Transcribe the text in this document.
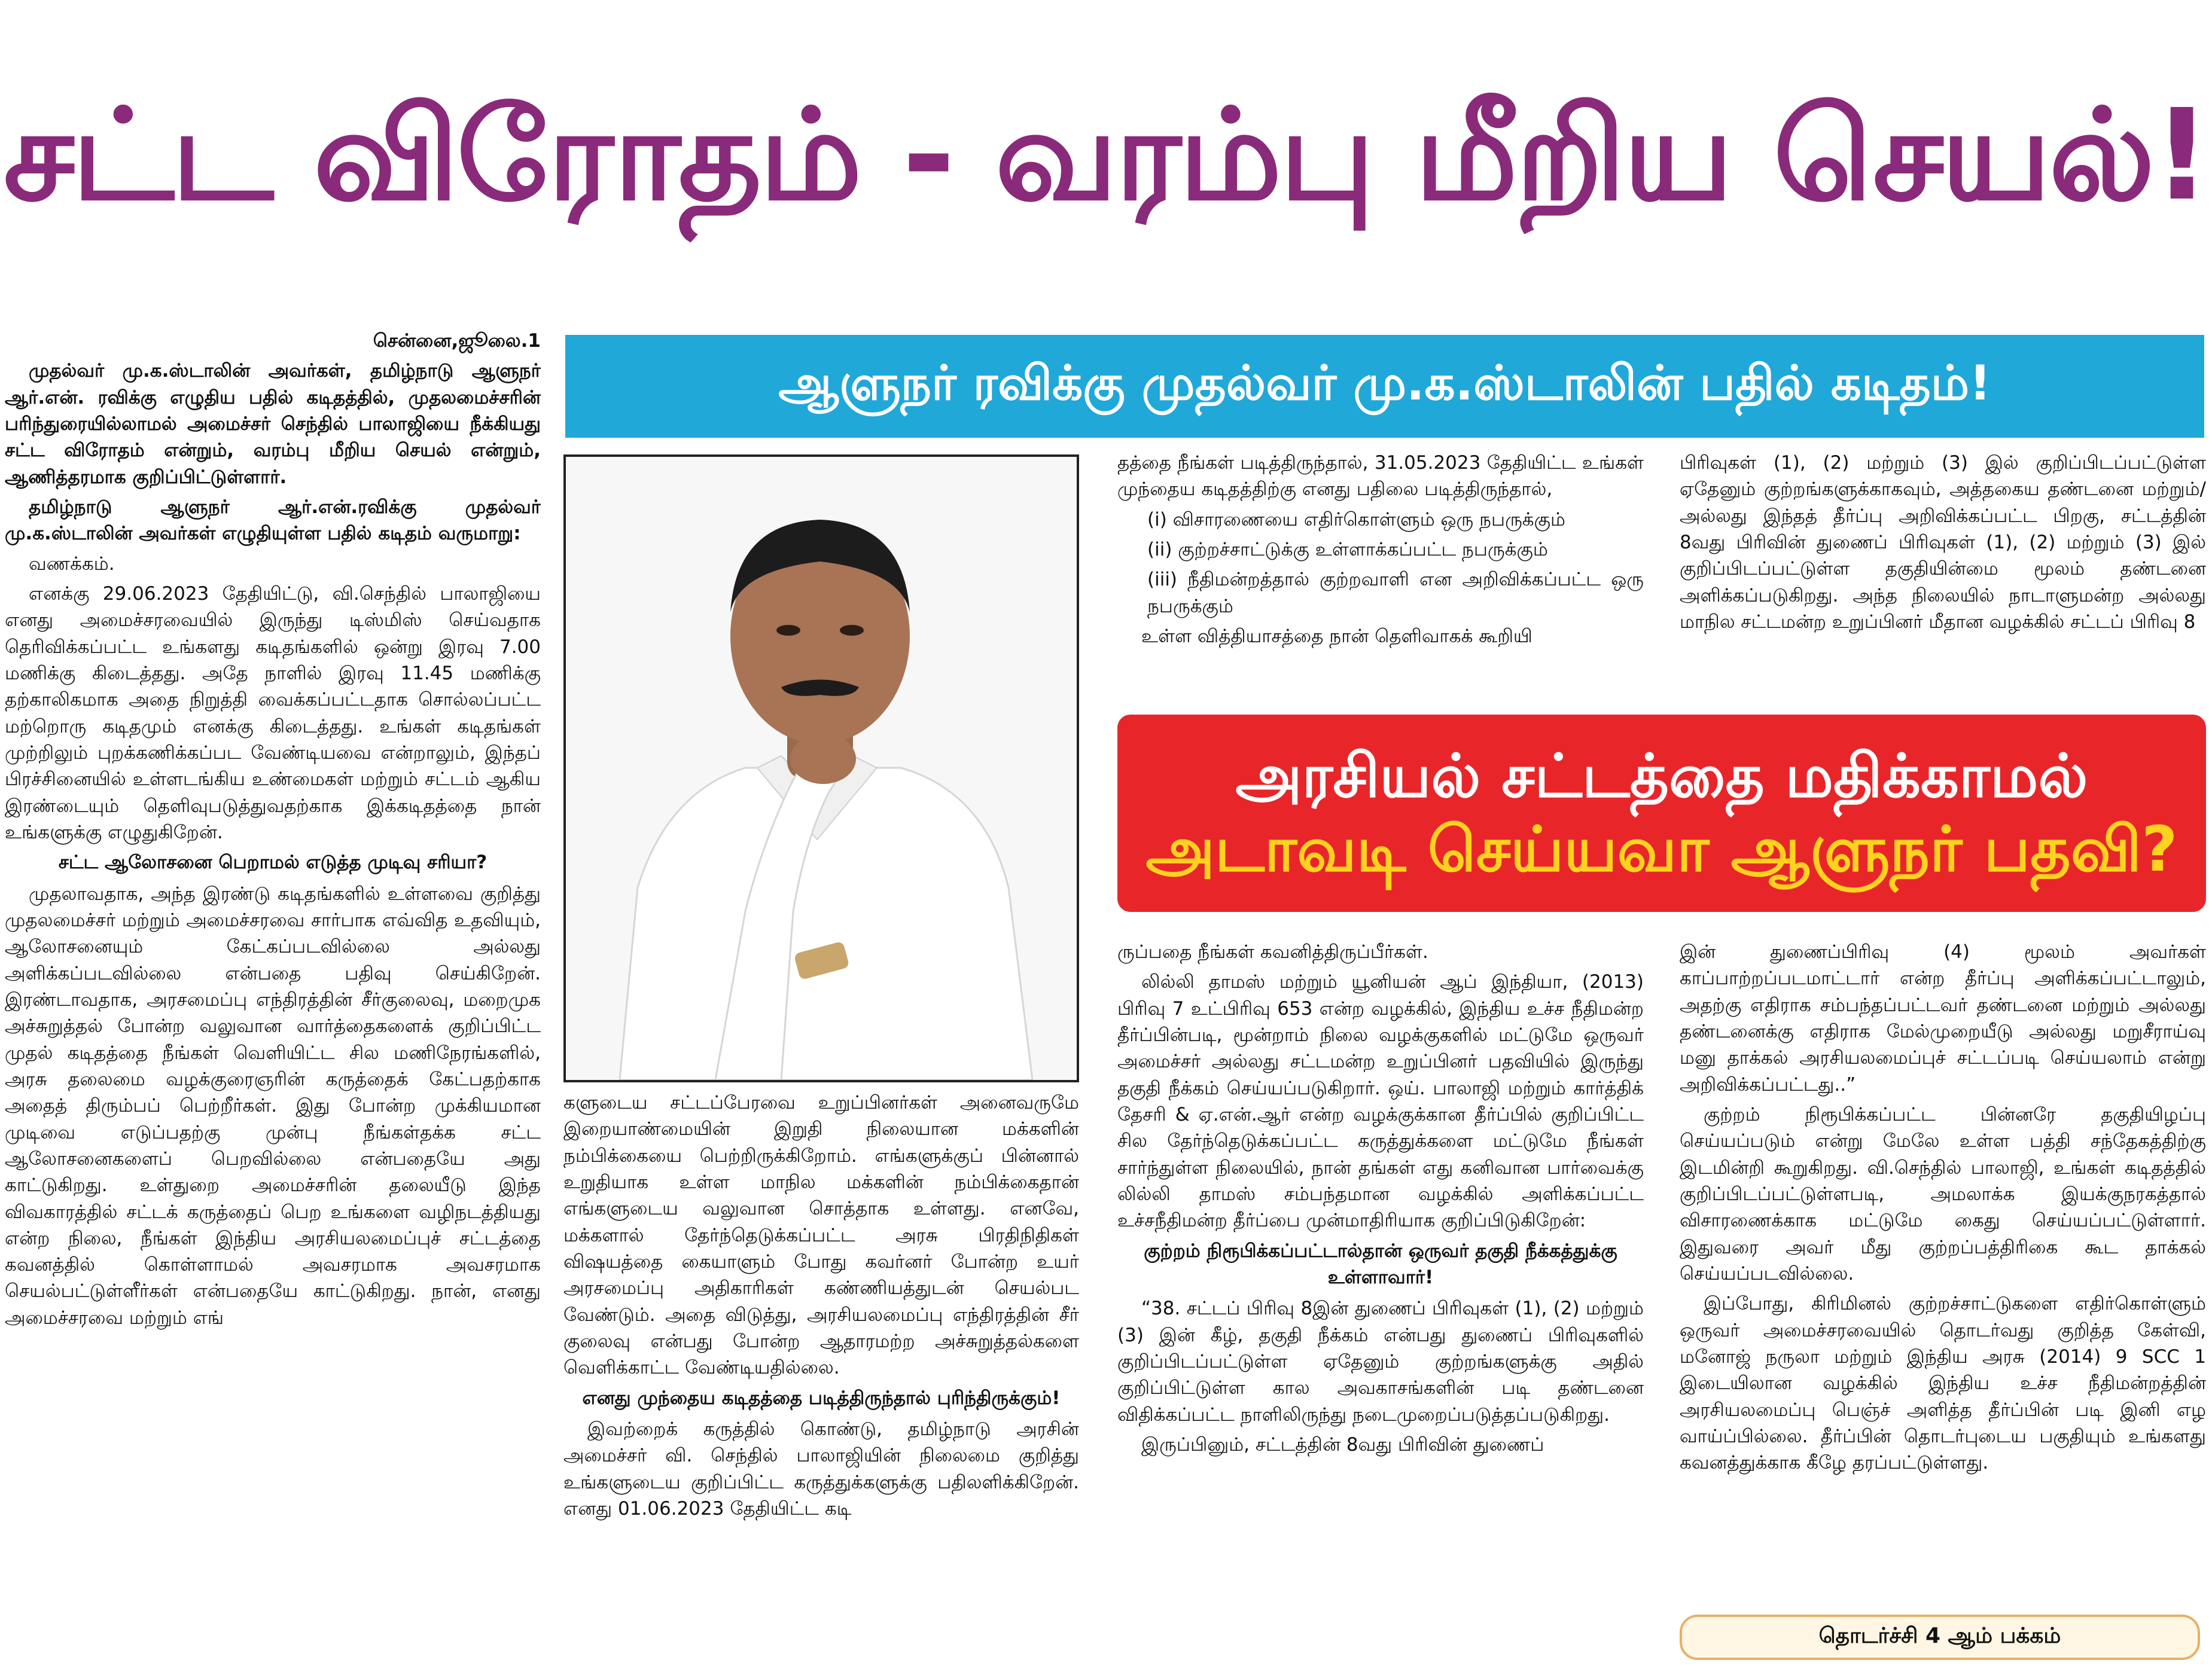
சட்ட விரோதம் - வரம்பு மீறிய செயல்!

சென்னை,ஜூலை.1

முதல்வர் மு.க.ஸ்டாலின் அவர்கள், தமிழ்நாடு ஆளுநர் ஆர்.என். ரவிக்கு எழுதிய பதில் கடிதத்தில், முதலமைச்சரின் பரிந்துரையில்லாமல் அமைச்சர் செந்தில் பாலாஜியை நீக்கியது சட்ட விரோதம் என்றும், வரம்பு மீறிய செயல் என்றும், ஆணித்தரமாக குறிப்பிட்டுள்ளார்.

தமிழ்நாடு ஆளுநர் ஆர்.என்.ரவிக்கு முதல்வர் மு.க.ஸ்டாலின் அவர்கள் எழுதியுள்ள பதில் கடிதம் வருமாறு:

வணக்கம்.

எனக்கு 29.06.2023 தேதியிட்டு, வி.செந்தில் பாலாஜியை எனது அமைச்சரவையில் இருந்து டிஸ்மிஸ் செய்வதாக தெரிவிக்கப்பட்ட உங்களது கடிதங்களில் ஒன்று இரவு 7.00 மணிக்கு கிடைத்தது. அதே நாளில் இரவு 11.45 மணிக்கு தற்காலிகமாக அதை நிறுத்தி வைக்கப்பட்டதாக சொல்லப்பட்ட மற்றொரு கடிதமும் எனக்கு கிடைத்தது. உங்கள் கடிதங்கள் முற்றிலும் புறக்கணிக்கப்பட வேண்டியவை என்றாலும், இந்தப் பிரச்சினையில் உள்ளடங்கிய உண்மைகள் மற்றும் சட்டம் ஆகிய இரண்டையும் தெளிவுபடுத்துவதற்காக இக்கடிதத்தை நான் உங்களுக்கு எழுதுகிறேன்.

சட்ட ஆலோசனை பெறாமல் எடுத்த முடிவு சரியா?

முதலாவதாக, அந்த இரண்டு கடிதங்களில் உள்ளவை குறித்து முதலமைச்சர் மற்றும் அமைச்சரவை சார்பாக எவ்வித உதவியும், ஆலோசனையும் கேட்கப்படவில்லை அல்லது அளிக்கப்படவில்லை என்பதை பதிவு செய்கிறேன். இரண்டாவதாக, அரசமைப்பு எந்திரத்தின் சீர்குலைவு, மறைமுக அச்சுறுத்தல் போன்ற வலுவான வார்த்தைகளைக் குறிப்பிட்ட முதல் கடிதத்தை நீங்கள் வெளியிட்ட சில மணிநேரங்களில், அரசு தலைமை வழக்குரைஞரின் கருத்தைக் கேட்பதற்காக அதைத் திரும்பப் பெற்றீர்கள். இது போன்ற முக்கியமான முடிவை எடுப்பதற்கு முன்பு நீங்கள்தக்க சட்ட ஆலோசனைகளைப் பெறவில்லை என்பதையே அது காட்டுகிறது. உள்துறை அமைச்சரின் தலையீடு இந்த விவகாரத்தில் சட்டக் கருத்தைப் பெற உங்களை வழிநடத்தியது என்ற நிலை, நீங்கள் இந்திய அரசியலமைப்புச் சட்டத்தை கவனத்தில் கொள்ளாமல் அவசரமாக அவசரமாக செயல்பட்டுள்ளீர்கள் என்பதையே காட்டுகிறது. நான், எனது அமைச்சரவை மற்றும் எங்

ஆளுநர் ரவிக்கு முதல்வர் மு.க.ஸ்டாலின் பதில் கடிதம்!

களுடைய சட்டப்பேரவை உறுப்பினர்கள் அனைவருமே இறையாண்மையின் இறுதி நிலையான மக்களின் நம்பிக்கையை பெற்றிருக்கிறோம். எங்களுக்குப் பின்னால் உறுதியாக உள்ள மாநில மக்களின் நம்பிக்கைதான் எங்களுடைய வலுவான சொத்தாக உள்ளது. எனவே, மக்களால் தேர்ந்தெடுக்கப்பட்ட அரசு பிரதிநிதிகள் விஷயத்தை கையாளும் போது கவர்னர் போன்ற உயர் அரசமைப்பு அதிகாரிகள் கண்ணியத்துடன் செயல்பட வேண்டும். அதை விடுத்து, அரசியலமைப்பு எந்திரத்தின் சீர் குலைவு என்பது போன்ற ஆதாரமற்ற அச்சுறுத்தல்களை வெளிக்காட்ட வேண்டியதில்லை.

எனது முந்தைய கடிதத்தை படித்திருந்தால் புரிந்திருக்கும்!

இவற்றைக் கருத்தில் கொண்டு, தமிழ்நாடு அரசின் அமைச்சர் வி. செந்தில் பாலாஜியின் நிலைமை குறித்து உங்களுடைய குறிப்பிட்ட கருத்துக்களுக்கு பதிலளிக்கிறேன். எனது 01.06.2023 தேதியிட்ட கடி

தத்தை நீங்கள் படித்திருந்தால், 31.05.2023 தேதியிட்ட உங்கள் முந்தைய கடிதத்திற்கு எனது பதிலை படித்திருந்தால்,

(i) விசாரணையை எதிர்கொள்ளும் ஒரு நபருக்கும்

(ii) குற்றச்சாட்டுக்கு உள்ளாக்கப்பட்ட நபருக்கும்

(iii) நீதிமன்றத்தால் குற்றவாளி என அறிவிக்கப்பட்ட ஒரு நபருக்கும்

உள்ள வித்தியாசத்தை நான் தெளிவாகக் கூறியி

பிரிவுகள் (1), (2) மற்றும் (3) இல் குறிப்பிடப்பட்டுள்ள ஏதேனும் குற்றங்களுக்காகவும், அத்தகைய தண்டனை மற்றும்/அல்லது இந்தத் தீர்ப்பு அறிவிக்கப்பட்ட பிறகு, சட்டத்தின் 8வது பிரிவின் துணைப் பிரிவுகள் (1), (2) மற்றும் (3) இல் குறிப்பிடப்பட்டுள்ள தகுதியின்மை மூலம் தண்டனை அளிக்கப்படுகிறது. அந்த நிலையில் நாடாளுமன்ற அல்லது மாநில சட்டமன்ற உறுப்பினர் மீதான வழக்கில் சட்டப் பிரிவு 8

அரசியல் சட்டத்தை மதிக்காமல்
அடாவடி செய்யவா ஆளுநர் பதவி?

ருப்பதை நீங்கள் கவனித்திருப்பீர்கள்.

லில்லி தாமஸ் மற்றும் யூனியன் ஆப் இந்தியா, (2013) பிரிவு 7 உட்பிரிவு 653 என்ற வழக்கில், இந்திய உச்ச நீதிமன்ற தீர்ப்பின்படி, மூன்றாம் நிலை வழக்குகளில் மட்டுமே ஒருவர் அமைச்சர் அல்லது சட்டமன்ற உறுப்பினர் பதவியில் இருந்து தகுதி நீக்கம் செய்யப்படுகிறார். ஒய். பாலாஜி மற்றும் கார்த்திக் தேசரி & ஏ.என்.ஆர் என்ற வழக்குக்கான தீர்ப்பில் குறிப்பிட்ட சில தேர்ந்தெடுக்கப்பட்ட கருத்துக்களை மட்டுமே நீங்கள் சார்ந்துள்ள நிலையில், நான் தங்கள் எது கனிவான பார்வைக்கு லில்லி தாமஸ் சம்பந்தமான வழக்கில் அளிக்கப்பட்ட உச்சநீதிமன்ற தீர்ப்பை முன்மாதிரியாக குறிப்பிடுகிறேன்:

குற்றம் நிரூபிக்கப்பட்டால்தான் ஒருவர் தகுதி நீக்கத்துக்கு உள்ளாவார்!

“38. சட்டப் பிரிவு 8இன் துணைப் பிரிவுகள் (1), (2) மற்றும் (3) இன் கீழ், தகுதி நீக்கம் என்பது துணைப் பிரிவுகளில் குறிப்பிடப்பட்டுள்ள ஏதேனும் குற்றங்களுக்கு அதில் குறிப்பிட்டுள்ள கால அவகாசங்களின் படி தண்டனை விதிக்கப்பட்ட நாளிலிருந்து நடைமுறைப்படுத்தப்படுகிறது.

இருப்பினும், சட்டத்தின் 8வது பிரிவின் துணைப்

இன் துணைப்பிரிவு (4) மூலம் அவர்கள் காப்பாற்றப்படமாட்டார் என்ற தீர்ப்பு அளிக்கப்பட்டாலும், அதற்கு எதிராக சம்பந்தப்பட்டவர் தண்டனை மற்றும் அல்லது தண்டனைக்கு எதிராக மேல்முறையீடு அல்லது மறுசீராய்வு மனு தாக்கல் அரசியலமைப்புச் சட்டப்படி செய்யலாம் என்று அறிவிக்கப்பட்டது..”

குற்றம் நிரூபிக்கப்பட்ட பின்னரே தகுதியிழப்பு செய்யப்படும் என்று மேலே உள்ள பத்தி சந்தேகத்திற்கு இடமின்றி கூறுகிறது. வி.செந்தில் பாலாஜி, உங்கள் கடிதத்தில் குறிப்பிடப்பட்டுள்ளபடி, அமலாக்க இயக்குநரகத்தால் விசாரணைக்காக மட்டுமே கைது செய்யப்பட்டுள்ளார். இதுவரை அவர் மீது குற்றப்பத்திரிகை கூட தாக்கல் செய்யப்படவில்லை.

இப்போது, கிரிமினல் குற்றச்சாட்டுகளை எதிர்கொள்ளும் ஒருவர் அமைச்சரவையில் தொடர்வது குறித்த கேள்வி, மனோஜ் நருலா மற்றும் இந்திய அரசு (2014) 9 SCC 1 இடையிலான வழக்கில் இந்திய உச்ச நீதிமன்றத்தின் அரசியலமைப்பு பெஞ்ச் அளித்த தீர்ப்பின் படி இனி எழ வாய்ப்பில்லை. தீர்ப்பின் தொடர்புடைய பகுதியும் உங்களது கவனத்துக்காக கீழே தரப்பட்டுள்ளது.

தொடர்ச்சி 4 ஆம் பக்கம்
